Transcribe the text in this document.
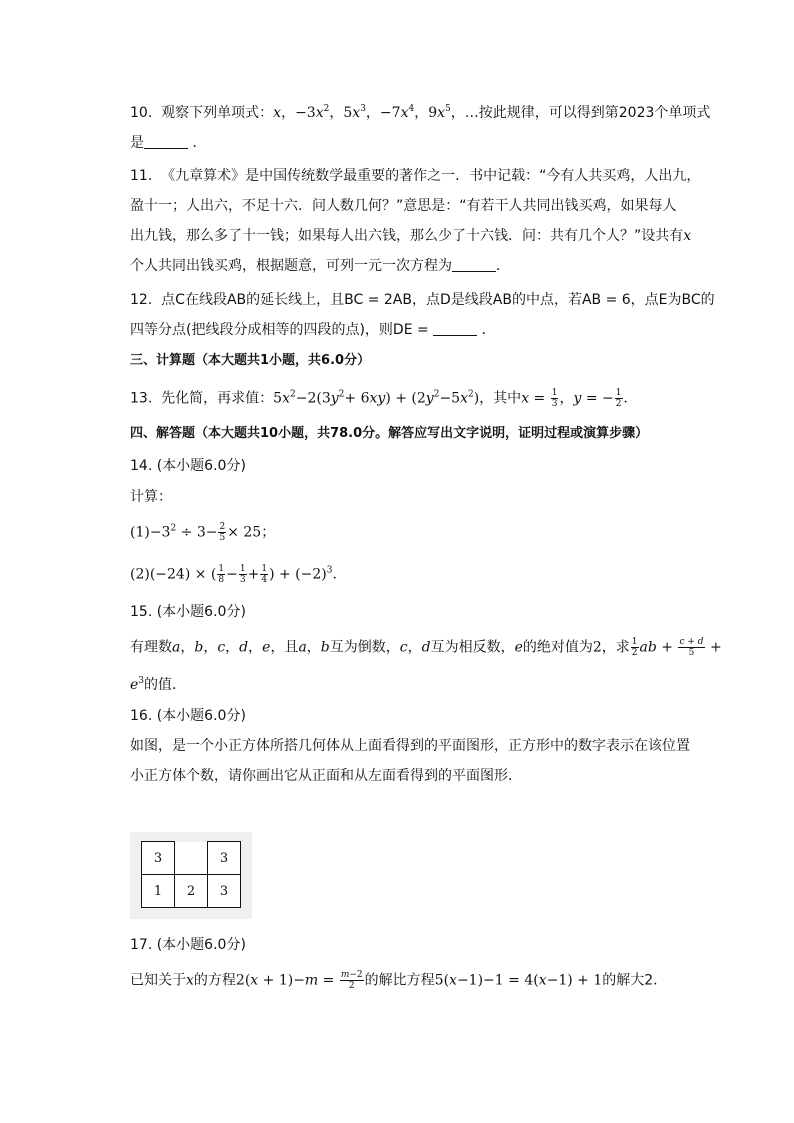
10. 观察下列单项式：x，$-3x^2$，$5x^3$，$-7x^4$，$9x^5$，…按此规律，可以得到第2023个单项式
是	．
11. 《九章算术》是中国传统数学最重要的著作之一．书中记载：“今有人共买鸡，人出九，
盈十一；人出六，不足十六．问人数几何？”意思是：“有若干人共同出钱买鸡，如果每人
出九钱，那么多了十一钱；如果每人出六钱，那么少了十六钱．问：共有几个人？”设共有x
个人共同出钱买鸡，根据题意，可列一元一次方程为	．
12. 点C在线段AB的延长线上，且BC = 2AB，点D是线段AB的中点，若AB = 6，点E为BC的
四等分点(把线段分成相等的四段的点)，则DE =	．
三、计算题（本大题共1小题，共6.0分）
13. 先化简，再求值：$5x^2-2(3y^2+ 6xy) + (2y^2-5x^2)$，其中$x = \frac{1}{3}$ ，y = − $\frac{1}{2}$ ．
四、解答题（本大题共10小题，共78.0分。解答应写出文字说明，证明过程或演算步骤）
14. (本小题6.0分)
计算：
$(1)-3^2 \div 3- \frac{2}{5} \times 25$；
(2)(−24) × ( $\frac{1}{8} - \frac{1}{3} + \frac{1}{4}$ ) + $(-2)^3$．
15. (本小题6.0分)
有理数a，b，c，d，e，且a，b互为倒数，c，d互为相反数，e的绝对值为2，求 $\frac{1}{2}$ ab + $\frac{c + d}{5}$ +
$e^3$的值．
16. (本小题6.0分)
如图，是一个小正方体所搭几何体从上面看得到的平面图形，正方形中的数字表示在该位置
小正方体个数，请你画出它从正面和从左面看得到的平面图形．
3		3
1	2	3
17. (本小题6.0分)
已知关于x的方程$2(x + 1)-m = \frac{m-2}{2}$ 的解比方程5(x−1)−1 = 4(x−1) + 1的解大2．
